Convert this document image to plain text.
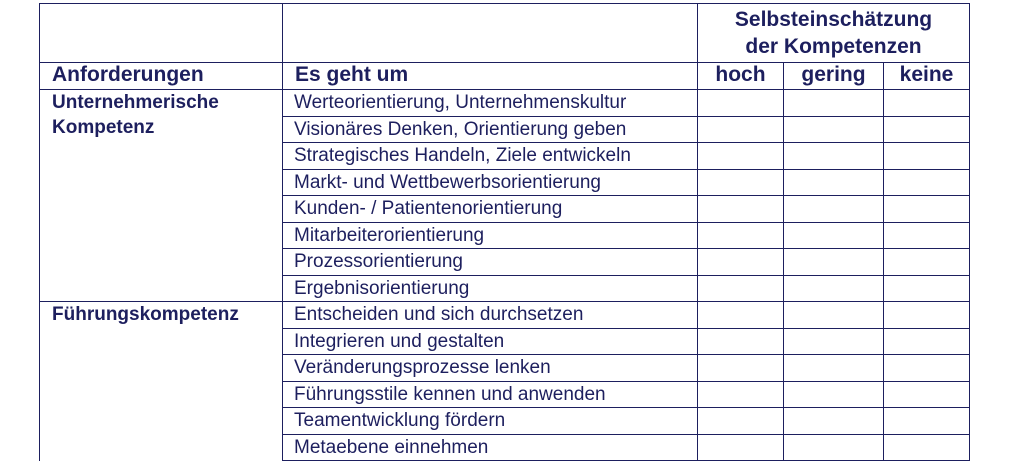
		Selbsteinschätzung
der Kompetenzen		

Anforderungen	Es geht um	hoch	gering	keine
Unternehmerische Kompetenz	Werteorientierung, Unternehmenskultur			
	Visionäres Denken, Orientierung geben			
	Strategisches Handeln, Ziele entwickeln			
	Markt- und Wettbewerbsorientierung			
	Kunden- / Patientenorientierung			
	Mitarbeiterorientierung			
	Prozessorientierung			
	Ergebnisorientierung			
Führungskompetenz	Entscheiden und sich durchsetzen			
	Integrieren und gestalten			
	Veränderungsprozesse lenken			
	Führungsstile kennen und anwenden			
	Teamentwicklung fördern			
	Metaebene einnehmen			
